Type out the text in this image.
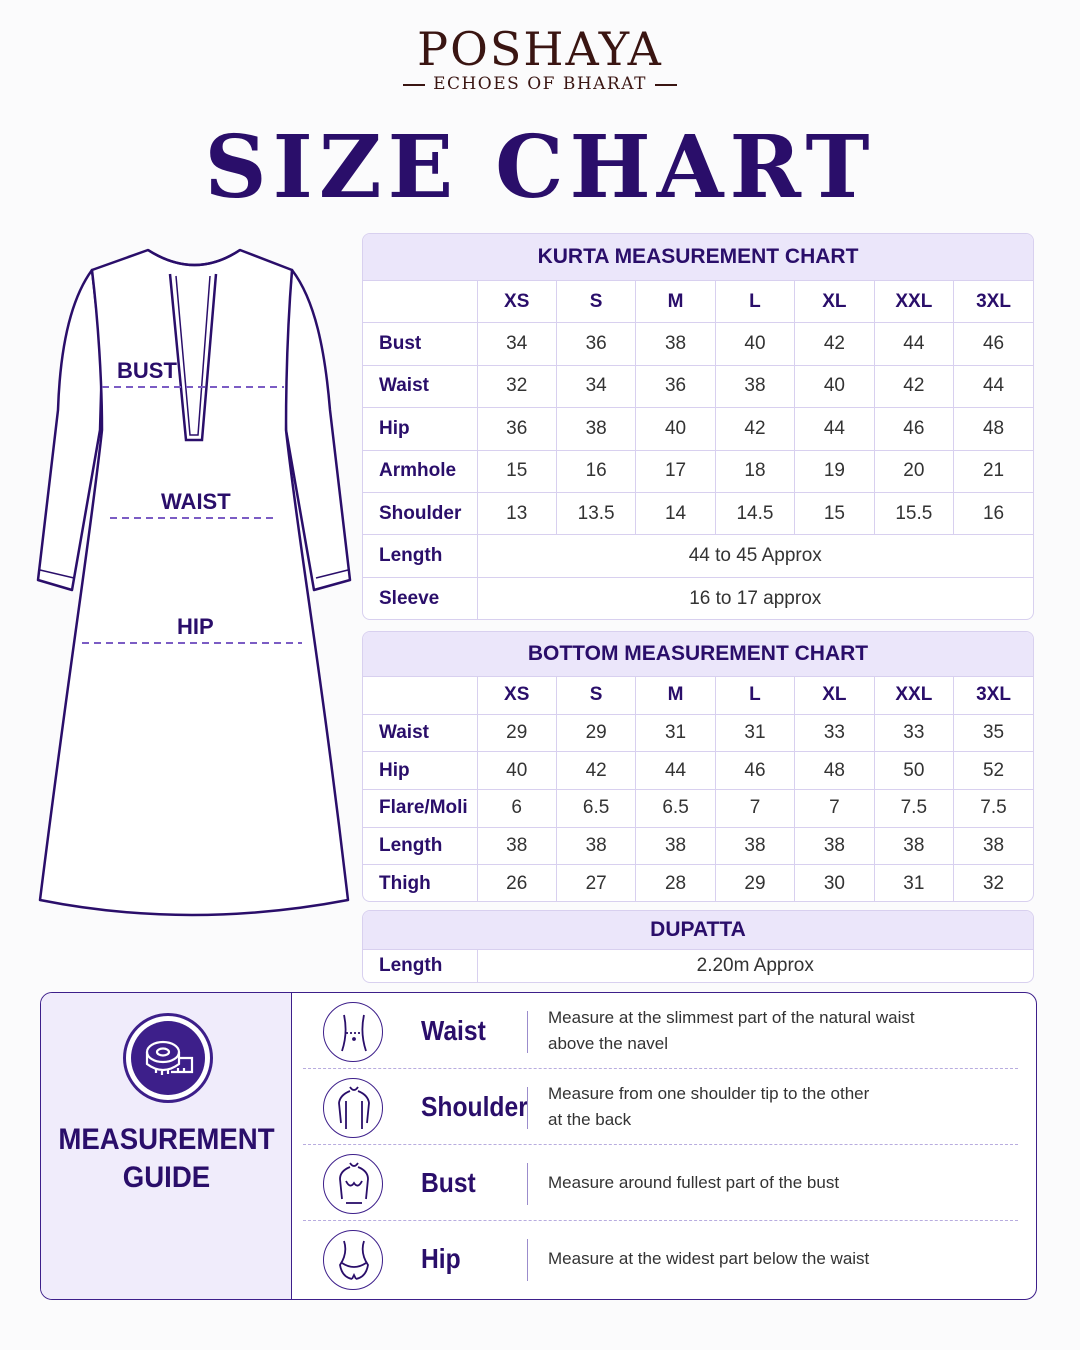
POSHAYA
ECHOES OF BHARAT
SIZE CHART
BUST
WAIST
HIP
KURTA MEASUREMENT CHART
	XS	S	M	L	XL	XXL	3XL
Bust	34	36	38	40	42	44	46
Waist	32	34	36	38	40	42	44
Hip	36	38	40	42	44	46	48
Armhole	15	16	17	18	19	20	21
Shoulder	13	13.5	14	14.5	15	15.5	16
Length	44 to 45 Approx						
Sleeve	16 to 17 approx						
BOTTOM MEASUREMENT CHART
	XS	S	M	L	XL	XXL	3XL
Waist	29	29	31	31	33	33	35
Hip	40	42	44	46	48	50	52
Flare/Moli	6	6.5	6.5	7	7	7.5	7.5
Length	38	38	38	38	38	38	38
Thigh	26	27	28	29	30	31	32
DUPATTA
Length	2.20m Approx
MEASUREMENT
GUIDE
Waist	Measure at the slimmest part of the natural waist
above the navel
Shoulder Measure from one shoulder tip to the other
at the back
Bust	Measure around fullest part of the bust
Hip	Measure at the widest part below the waist
